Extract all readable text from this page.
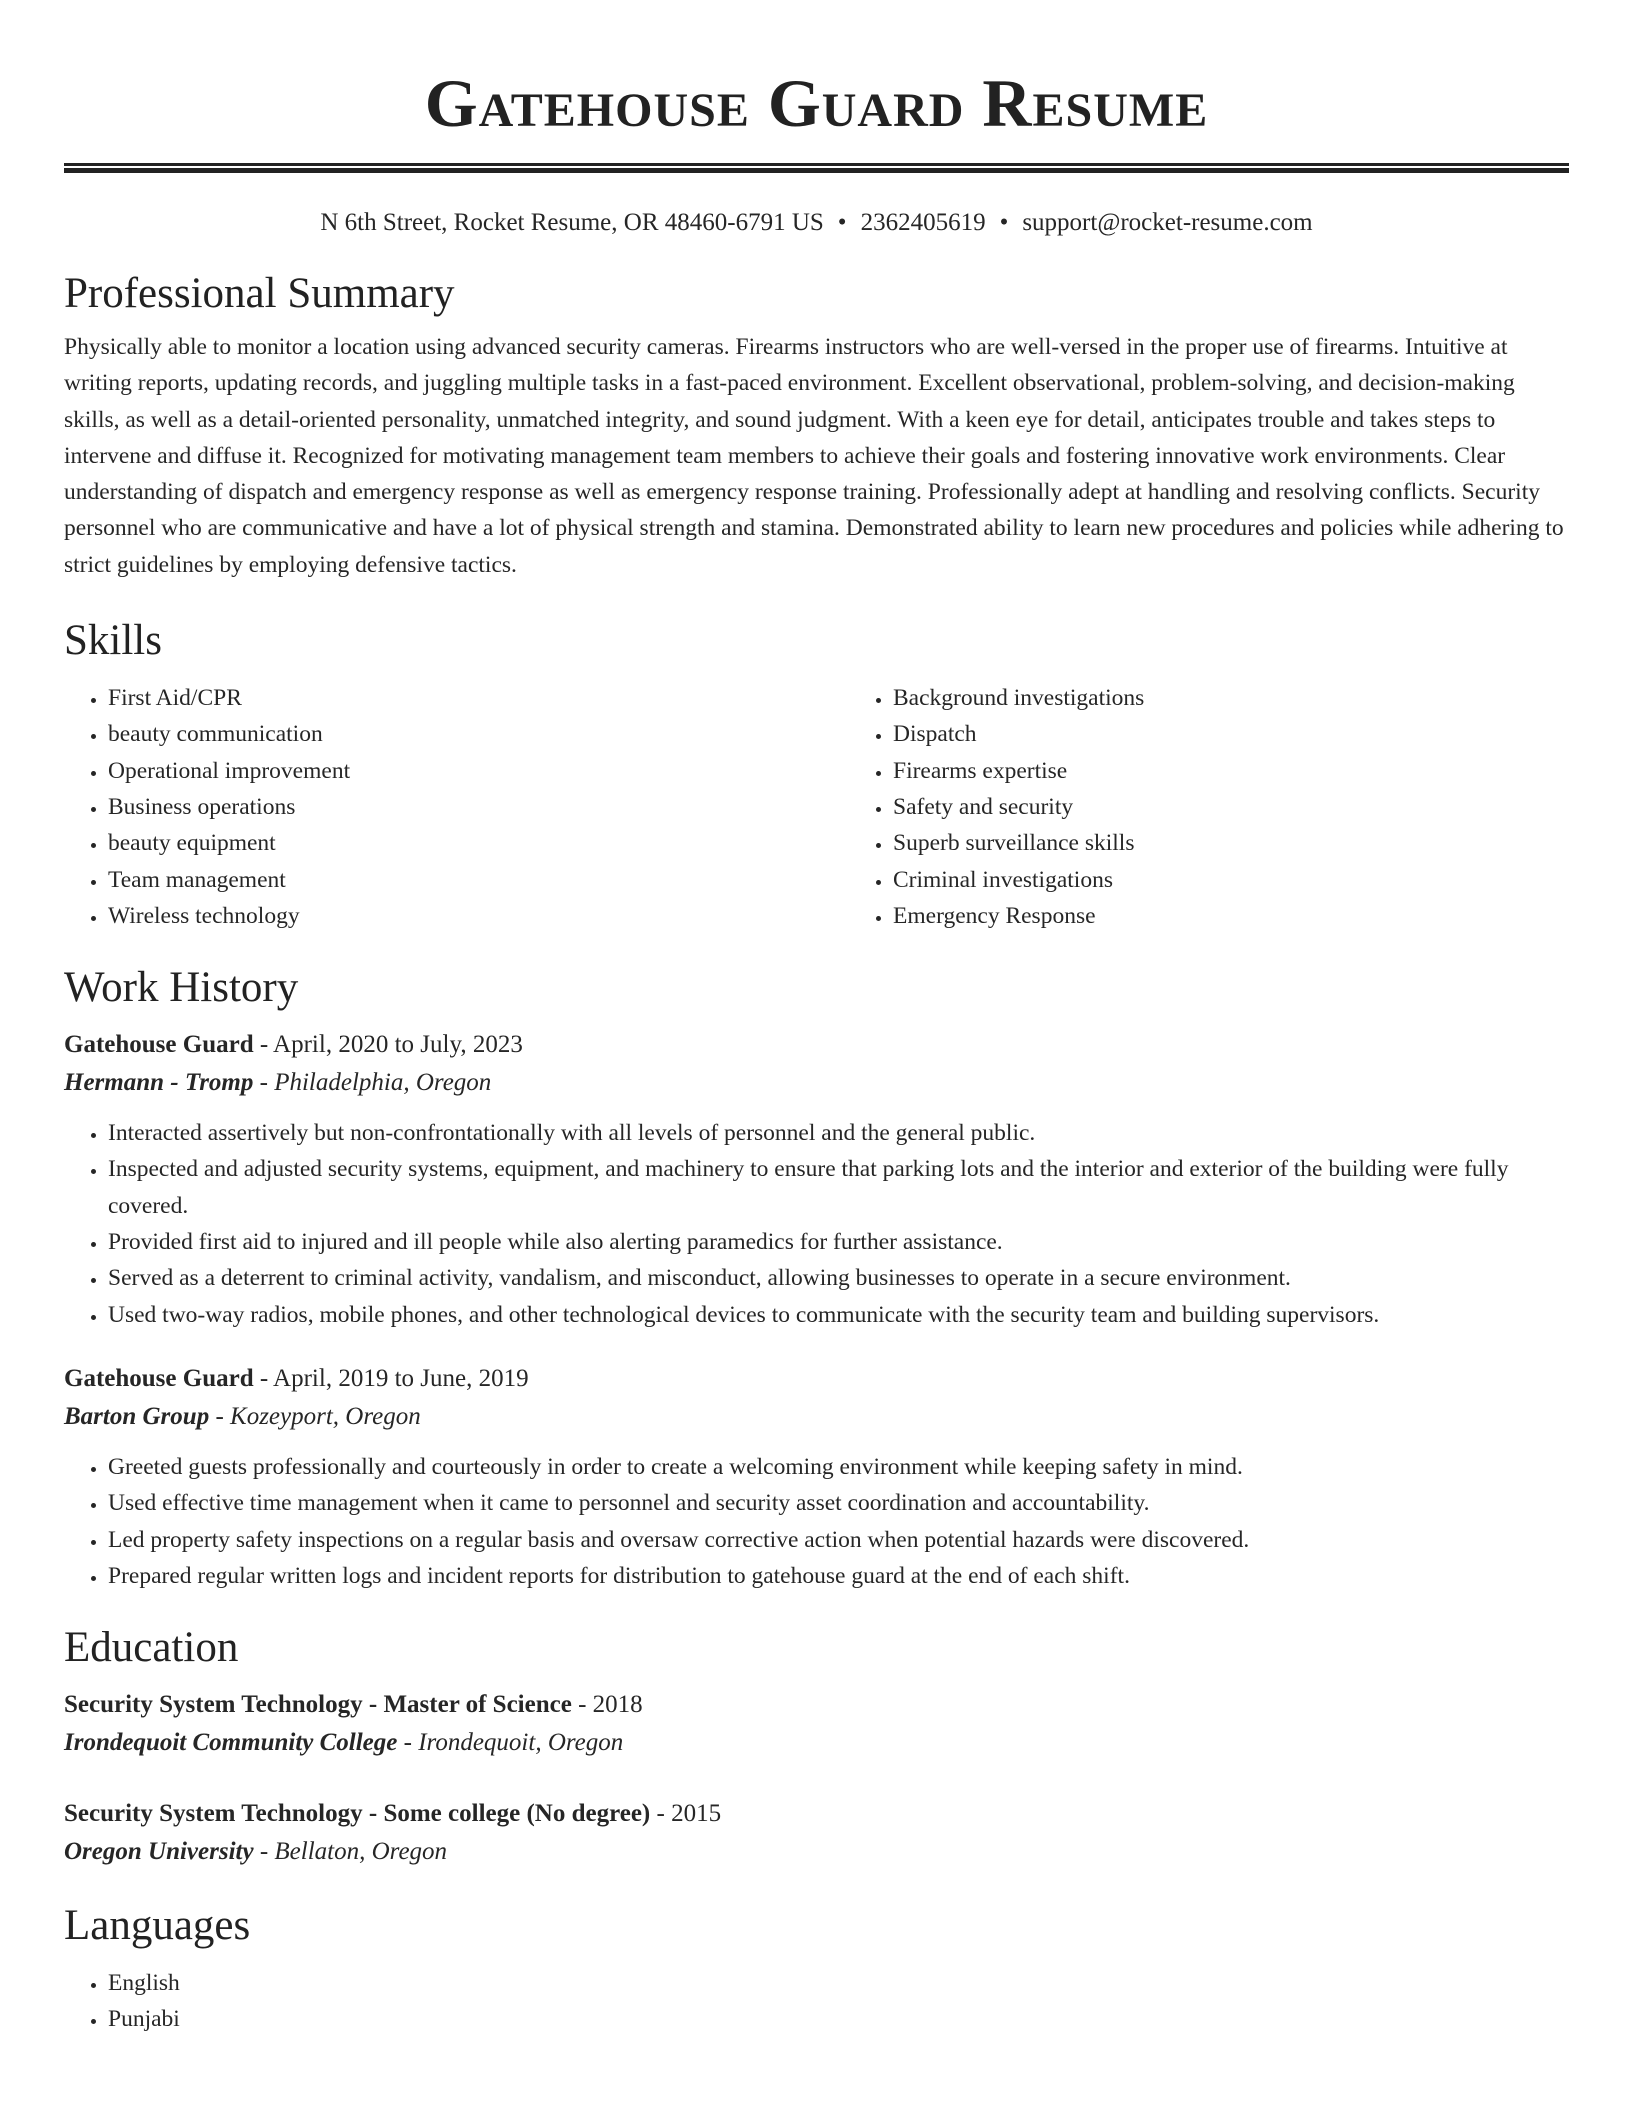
Gatehouse Guard Resume
N 6th Street, Rocket Resume, OR 48460-6791 US • 2362405619 • support@rocket-resume.com
Professional Summary

Physically able to monitor a location using advanced security cameras. Firearms instructors who are well-versed in the proper use of firearms. Intuitive at writing reports, updating records, and juggling multiple tasks in a fast-paced environment. Excellent observational, problem-solving, and decision-making skills, as well as a detail-oriented personality, unmatched integrity, and sound judgment. With a keen eye for detail, anticipates trouble and takes steps to intervene and diffuse it. Recognized for motivating management team members to achieve their goals and fostering innovative work environments. Clear understanding of dispatch and emergency response as well as emergency response training. Professionally adept at handling and resolving conflicts. Security personnel who are communicative and have a lot of physical strength and stamina. Demonstrated ability to learn new procedures and policies while adhering to strict guidelines by employing defensive tactics.

Skills
• First Aid/CPR
• beauty communication
• Operational improvement
• Business operations
• beauty equipment
• Team management
• Wireless technology
• Background investigations
• Dispatch
• Firearms expertise
• Safety and security
• Superb surveillance skills
• Criminal investigations
• Emergency Response
Work History
Gatehouse Guard - April, 2020 to July, 2023
Hermann - Tromp - Philadelphia, Oregon
• Interacted assertively but non-confrontationally with all levels of personnel and the general public.
• Inspected and adjusted security systems, equipment, and machinery to ensure that parking lots and the interior and exterior of the building were fully covered.
• Provided first aid to injured and ill people while also alerting paramedics for further assistance.
• Served as a deterrent to criminal activity, vandalism, and misconduct, allowing businesses to operate in a secure environment.
• Used two-way radios, mobile phones, and other technological devices to communicate with the security team and building supervisors.
Gatehouse Guard - April, 2019 to June, 2019
Barton Group - Kozeyport, Oregon
• Greeted guests professionally and courteously in order to create a welcoming environment while keeping safety in mind.
• Used effective time management when it came to personnel and security asset coordination and accountability.
• Led property safety inspections on a regular basis and oversaw corrective action when potential hazards were discovered.
• Prepared regular written logs and incident reports for distribution to gatehouse guard at the end of each shift.
Education
Security System Technology - Master of Science - 2018
Irondequoit Community College - Irondequoit, Oregon
Security System Technology - Some college (No degree) - 2015
Oregon University - Bellaton, Oregon
Languages
• English
• Punjabi
